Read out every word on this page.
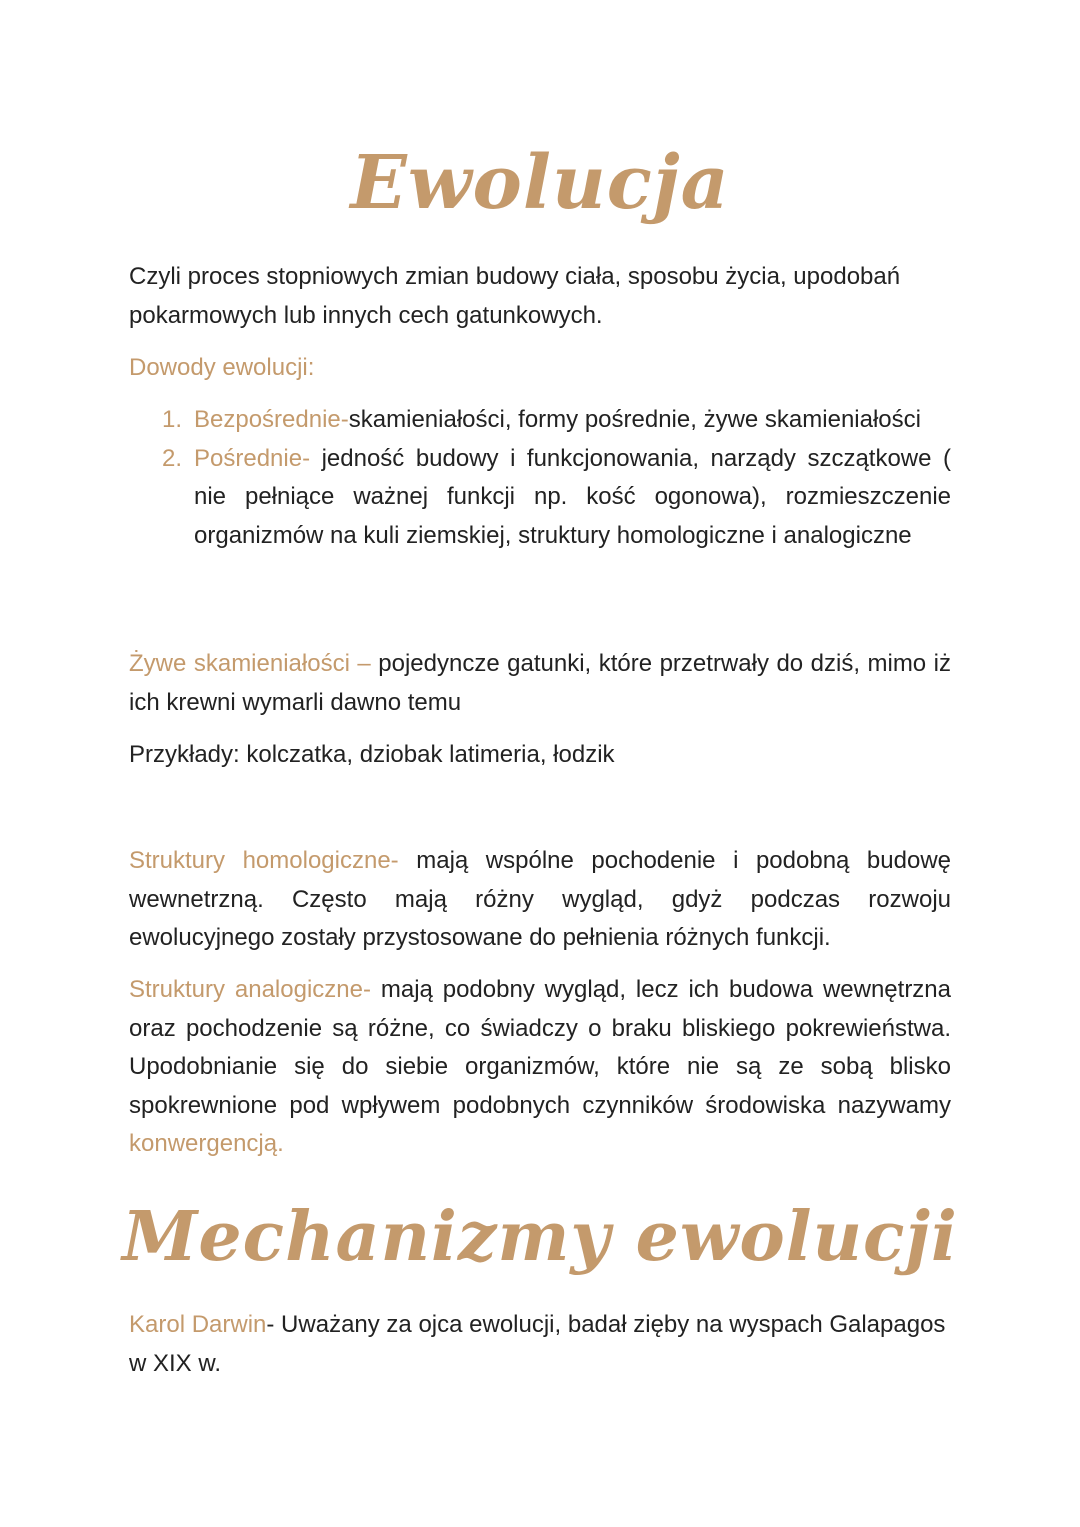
Ewolucja

Czyli proces stopniowych zmian budowy ciała, sposobu życia, upodobań pokarmowych lub innych cech gatunkowych.

Dowody ewolucji:

1. Bezpośrednie-skamieniałości, formy pośrednie, żywe skamieniałości
2. Pośrednie- jedność budowy i funkcjonowania, narządy szczątkowe ( nie pełniące ważnej funkcji np. kość ogonowa), rozmieszczenie organizmów na kuli ziemskiej, struktury homologiczne i analogiczne

Żywe skamieniałości – pojedyncze gatunki, które przetrwały do dziś, mimo iż ich krewni wymarli dawno temu

Przykłady: kolczatka, dziobak latimeria, łodzik

Struktury homologiczne- mają wspólne pochodenie i podobną budowę wewnetrzną. Często mają różny wygląd, gdyż podczas rozwoju ewolucyjnego zostały przystosowane do pełnienia różnych funkcji.

Struktury analogiczne- mają podobny wygląd, lecz ich budowa wewnętrzna oraz pochodzenie są różne, co świadczy o braku bliskiego pokrewieństwa. Upodobnianie się do siebie organizmów, które nie są ze sobą blisko spokrewnione pod wpływem podobnych czynników środowiska nazywamy konwergencją.

Mechanizmy ewolucji

Karol Darwin- Uważany za ojca ewolucji, badał zięby na wyspach Galapagos w XIX w.
